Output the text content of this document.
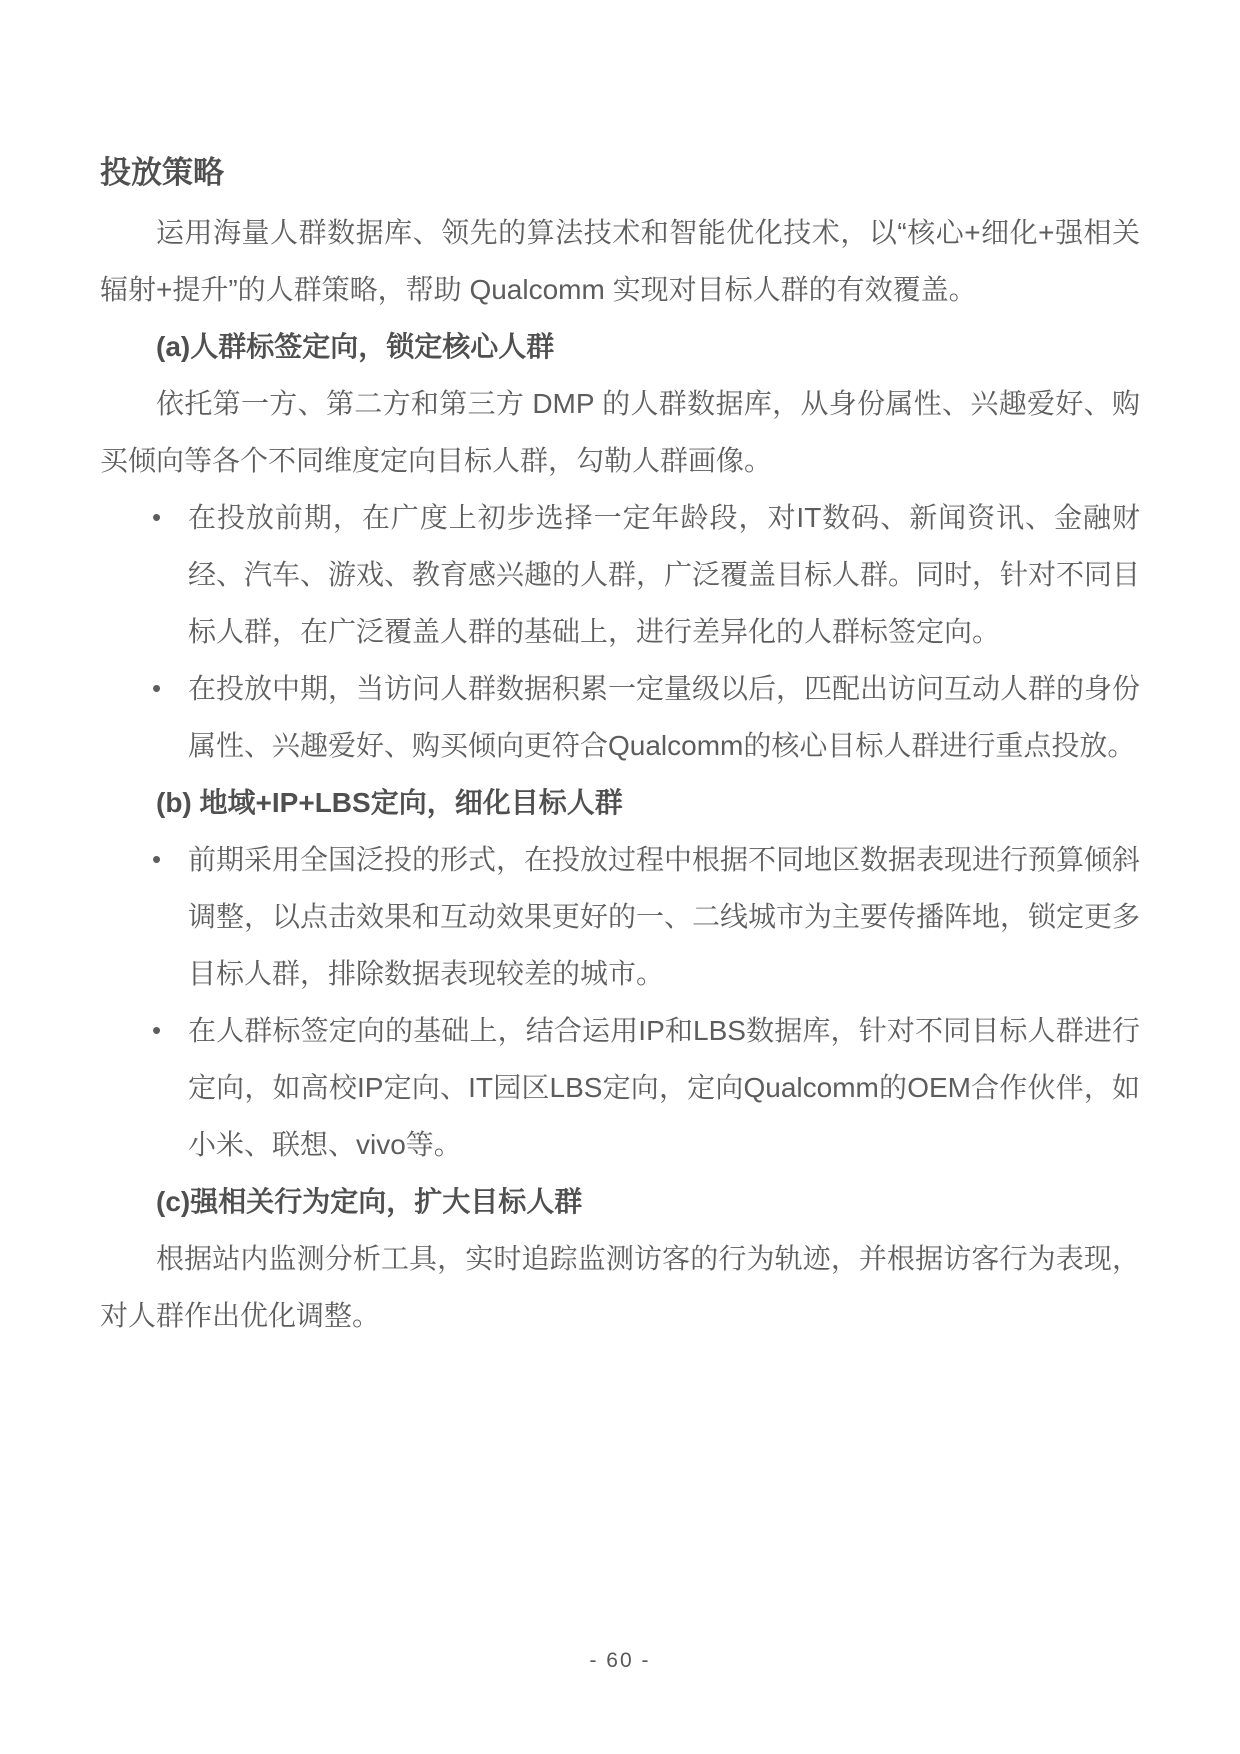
投放策略

运用海量人群数据库、领先的算法技术和智能优化技术，以“核心+细化+强相关辐射+提升”的人群策略，帮助 Qualcomm 实现对目标人群的有效覆盖。

(a)人群标签定向，锁定核心人群

依托第一方、第二方和第三方 DMP 的人群数据库，从身份属性、兴趣爱好、购买倾向等各个不同维度定向目标人群，勾勒人群画像。

• 在投放前期，在广度上初步选择一定年龄段，对IT数码、新闻资讯、金融财经、汽车、游戏、教育感兴趣的人群，广泛覆盖目标人群。同时，针对不同目标人群，在广泛覆盖人群的基础上，进行差异化的人群标签定向。
• 在投放中期，当访问人群数据积累一定量级以后，匹配出访问互动人群的身份属性、兴趣爱好、购买倾向更符合Qualcomm的核心目标人群进行重点投放。
(b) 地域+IP+LBS定向，细化目标人群
• 前期采用全国泛投的形式，在投放过程中根据不同地区数据表现进行预算倾斜调整，以点击效果和互动效果更好的一、二线城市为主要传播阵地，锁定更多目标人群，排除数据表现较差的城市。
• 在人群标签定向的基础上，结合运用IP和LBS数据库，针对不同目标人群进行定向，如高校IP定向、IT园区LBS定向，定向Qualcomm的OEM合作伙伴，如小米、联想、vivo等。
(c)强相关行为定向，扩大目标人群

根据站内监测分析工具，实时追踪监测访客的行为轨迹，并根据访客行为表现，对人群作出优化调整。

- 60 -
